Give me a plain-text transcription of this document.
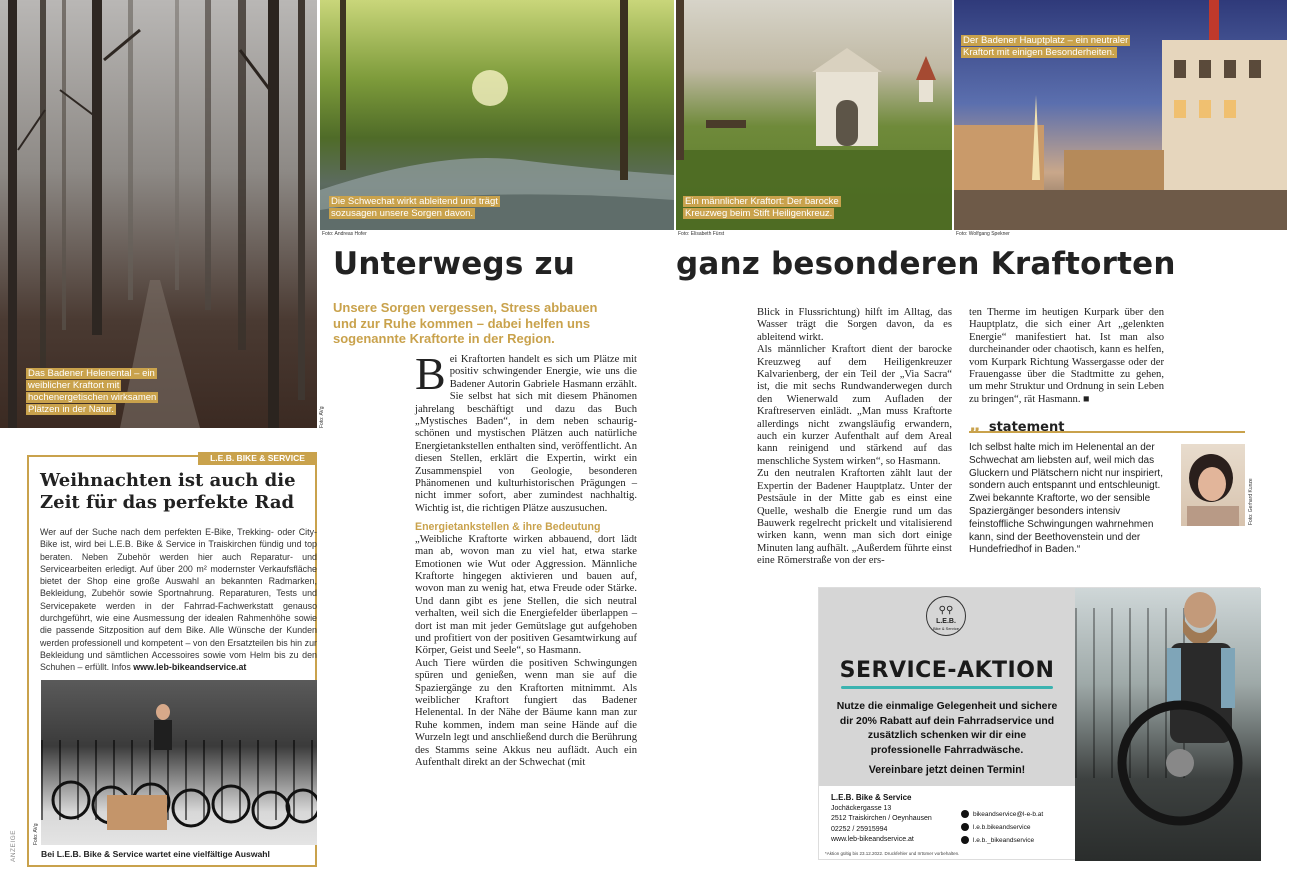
Das Badener Helenental – ein weiblicher Kraftort mit hochenergetischen wirksamen Plätzen in der Natur.	Foto: AVg
Die Schwechat wirkt ableitend und trägt sozusagen unsere Sorgen davon.
Foto: Andreas Hofer
Ein männlicher Kraftort: Der barocke Kreuzweg beim Stift Heiligenkreuz.
Foto: Elisabeth Fürst
Der Badener Hauptplatz – ein neutraler Kraftort mit einigen Besonderheiten.
Foto: Wolfgang Spekner
Unterwegs zu	ganz besonderen Kraftorten
Unsere Sorgen vergessen, Stress abbauen und zur Ruhe kommen – dabei helfen uns sogenannte Kraftorte in der Region.
B ei Kraftorten handelt es sich um Plätze mit positiv schwingender Energie, wie uns die Badener Autorin Gabriele Hasmann erzählt. Sie selbst hat sich mit diesem Phänomen jahrelang beschäftigt und dazu das Buch „Mystisches Baden“, in dem neben schaurig-schönen und mystischen Plätzen auch natürliche Energietankstellen enthalten sind, veröffentlicht. An diesen Stellen, erklärt die Expertin, wirkt ein Zusammenspiel von Geologie, besonderen Phänomenen und kulturhistorischen Prägungen – nicht immer sofort, aber zumindest nachhaltig. Wichtig ist, die richtigen Plätze auszusuchen.

Energietankstellen & ihre Bedeutung

„Weibliche Kraftorte wirken abbauend, dort lädt man ab, wovon man zu viel hat, etwa starke Emotionen wie Wut oder Aggression. Männliche Kraftorte hingegen aktivieren und bauen auf, wovon man zu wenig hat, etwa Freude oder Stärke. Und dann gibt es jene Stellen, die sich neutral verhalten, weil sich die Energiefelder überlappen – dort ist man mit jeder Gemütslage gut aufgehoben und profitiert von der positiven Gesamtwirkung auf Körper, Geist und Seele“, so Hasmann.

Auch Tiere würden die positiven Schwingungen spüren und genießen, wenn man sie auf die Spaziergänge zu den Kraftorten mitnimmt. Als weiblicher Kraftort fungiert das Badener Helenental. In der Nähe der Bäume kann man zur Ruhe kommen, indem man seine Hände auf die Wurzeln legt und anschließend durch die Berührung des Stamms seine Akkus neu auflädt. Auch ein Aufenthalt direkt an der Schwechat (mit

Blick in Flussrichtung) hilft im Alltag, das Wasser trägt die Sorgen davon, da es ableitend wirkt.

Als männlicher Kraftort dient der barocke Kreuzweg auf dem Heiligenkreuzer Kalvarienberg, der ein Teil der „Via Sacra“ ist, die mit sechs Rundwanderwegen durch den Wienerwald zum Aufladen der Kraftreserven einlädt. „Man muss Kraftorte allerdings nicht zwangsläufig erwandern, auch ein kurzer Aufenthalt auf dem Areal kann reinigend und stärkend auf das menschliche System wirken“, so Hasmann.

Zu den neutralen Kraftorten zählt laut der Expertin der Badener Hauptplatz. Unter der Pestsäule in der Mitte gab es einst eine Quelle, weshalb die Energie rund um das Bauwerk regelrecht prickelt und vitalisierend wirken kann, wenn man sich dort einige Minuten lang aufhält. „Außerdem führte einst eine Römerstraße von der ers-

ten Therme im heutigen Kurpark über den Hauptplatz, die sich einer Art „gelenkten Energie“ manifestiert hat. Ist man also durcheinander oder chaotisch, kann es helfen, vom Kurpark Richtung Wassergasse oder der Frauengasse über die Stadtmitte zu gehen, um mehr Struktur und Ordnung in sein Leben zu bringen“, rät Hasmann. ■

„ statement
Ich selbst halte mich im Helenental an der Schwechat am liebsten auf, weil mich das Gluckern und Plätschern nicht nur inspiriert, sondern auch entspannt und entschleunigt. Zwei bekannte Kraftorte, wo der sensible Spaziergänger besonders intensiv feinstoffliche Schwingungen wahrnehmen kann, sind der Beethovenstein und der Hundefriedhof in Baden.“
Foto: Gerhard Kunze
L.E.B. BIKE & SERVICE
Weihnachten ist auch die Zeit für das perfekte Rad
Wer auf der Suche nach dem perfekten E-Bike, Trekking- oder City-Bike ist, wird bei L.E.B. Bike & Service in Traiskirchen fündig und top beraten. Neben Zubehör werden hier auch Reparatur- und Servicearbeiten erledigt. Auf über 200 m² modernster Verkaufsfläche bietet der Shop eine große Auswahl an bekannten Radmarken, Bekleidung, Zubehör sowie Sportnahrung. Reparaturen, Tests und Servicepakete werden in der Fahrrad-Fachwerkstatt genauso durchgeführt, wie eine Ausmessung der idealen Rahmenhöhe sowie die passende Sitzposition auf dem Bike. Alle Wünsche der Kunden werden professionell und kompetent – von den Ersatzteilen bis hin zur Bekleidung und sämtlichen Accessoires sowie vom Helm bis zu den Schuhen – erfüllt. Infos www.leb-bikeandservice.at
Foto: AVg
Bei L.E.B. Bike & Service wartet eine vielfältige Auswahl
ANZEIGE
⚲⚲
L.E.B.
Bike & Service
SERVICE-AKTION
Nutze die einmalige Gelegenheit und sichere dir 20% Rabatt auf dein Fahrradservice und zusätzlich schenken wir dir eine professionelle Fahrradwäsche.
Vereinbare jetzt deinen Termin!
L.E.B. Bike & Service
Jochäckergasse 13
2512 Traiskirchen / Oeynhausen
02252 / 25915994
www.leb-bikeandservice.at
bikeandservice@l-e-b.at
l.e.b.bikeandservice
l.e.b._bikeandservice
*Aktion gültig bis 23.12.2022. Druckfehler und Irrtümer vorbehalten.
